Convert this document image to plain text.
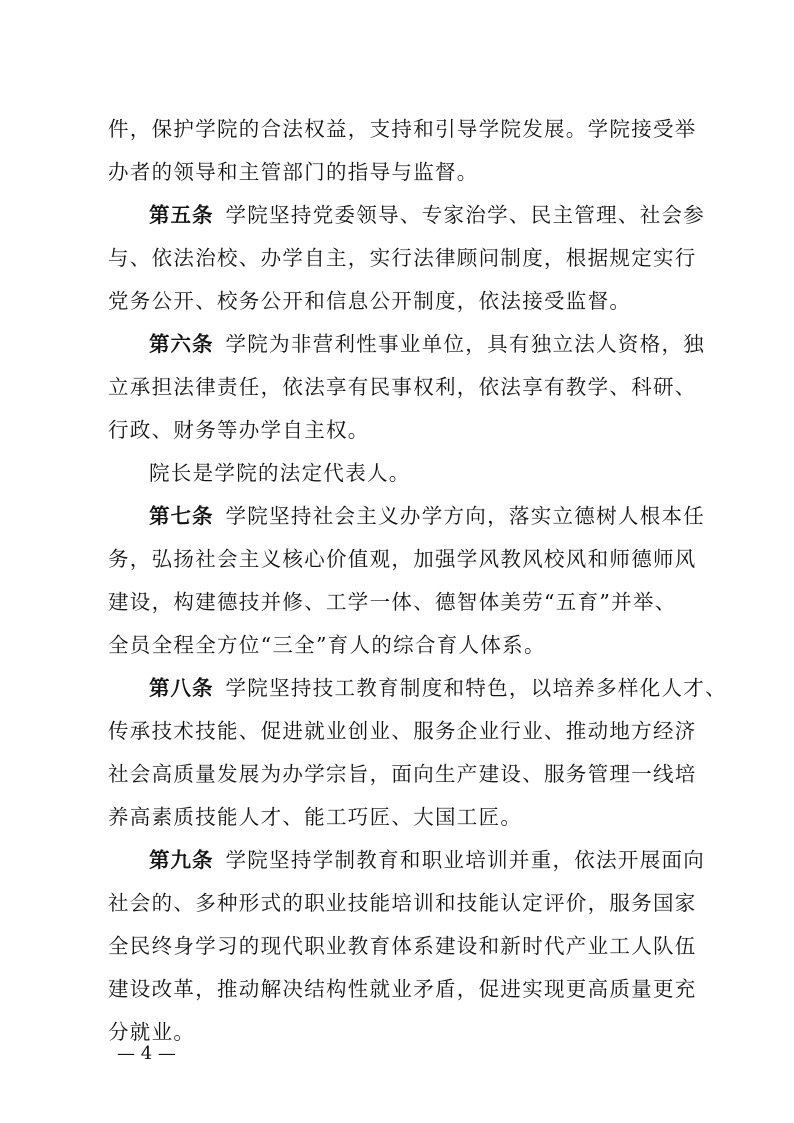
件，保护学院的合法权益，支持和引导学院发展。学院接受举

办者的领导和主管部门的指导与监督。

第五条 学院坚持党委领导、专家治学、民主管理、社会参

与、依法治校、办学自主，实行法律顾问制度，根据规定实行

党务公开、校务公开和信息公开制度，依法接受监督。

第六条 学院为非营利性事业单位，具有独立法人资格，独

立承担法律责任，依法享有民事权利，依法享有教学、科研、

行政、财务等办学自主权。

院长是学院的法定代表人。

第七条 学院坚持社会主义办学方向，落实立德树人根本任

务，弘扬社会主义核心价值观，加强学风教风校风和师德师风

建设，构建德技并修、工学一体、德智体美劳“五育”并举、

全员全程全方位“三全”育人的综合育人体系。

第八条 学院坚持技工教育制度和特色，以培养多样化人才、

传承技术技能、促进就业创业、服务企业行业、推动地方经济

社会高质量发展为办学宗旨，面向生产建设、服务管理一线培

养高素质技能人才、能工巧匠、大国工匠。

第九条 学院坚持学制教育和职业培训并重，依法开展面向

社会的、多种形式的职业技能培训和技能认定评价，服务国家

全民终身学习的现代职业教育体系建设和新时代产业工人队伍

建设改革，推动解决结构性就业矛盾，促进实现更高质量更充

分就业。

— 4 —
